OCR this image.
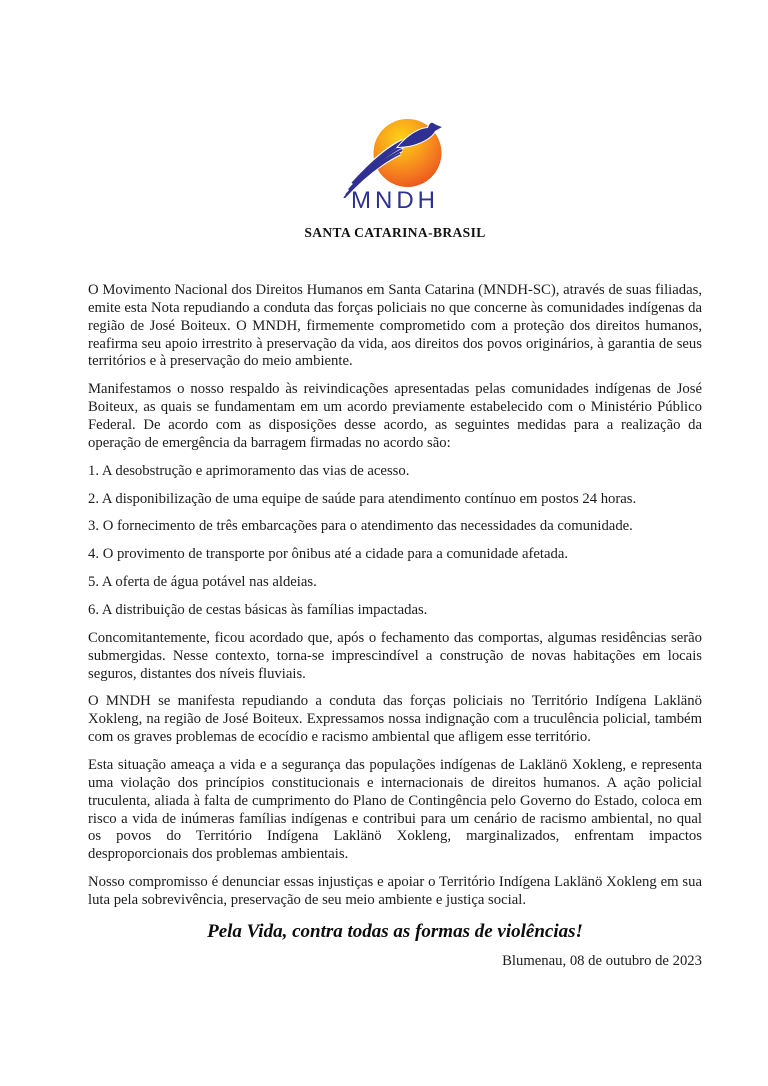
MNDH
SANTA CATARINA-BRASIL

O Movimento Nacional dos Direitos Humanos em Santa Catarina (MNDH-SC), através de suas filiadas, emite esta Nota repudiando a conduta das forças policiais no que concerne às comunidades indígenas da região de José Boiteux. O MNDH, firmemente comprometido com a proteção dos direitos humanos, reafirma seu apoio irrestrito à preservação da vida, aos direitos dos povos originários, à garantia de seus territórios e à preservação do meio ambiente.

Manifestamos o nosso respaldo às reivindicações apresentadas pelas comunidades indígenas de José Boiteux, as quais se fundamentam em um acordo previamente estabelecido com o Ministério Público Federal. De acordo com as disposições desse acordo, as seguintes medidas para a realização da operação de emergência da barragem firmadas no acordo são:

1. A desobstrução e aprimoramento das vias de acesso.

2. A disponibilização de uma equipe de saúde para atendimento contínuo em postos 24 horas.

3. O fornecimento de três embarcações para o atendimento das necessidades da comunidade.

4. O provimento de transporte por ônibus até a cidade para a comunidade afetada.

5. A oferta de água potável nas aldeias.

6. A distribuição de cestas básicas às famílias impactadas.

Concomitantemente, ficou acordado que, após o fechamento das comportas, algumas residências serão submergidas. Nesse contexto, torna-se imprescindível a construção de novas habitações em locais seguros, distantes dos níveis fluviais.

O MNDH se manifesta repudiando a conduta das forças policiais no Território Indígena Laklänö Xokleng, na região de José Boiteux. Expressamos nossa indignação com a truculência policial, também com os graves problemas de ecocídio e racismo ambiental que afligem esse território.

Esta situação ameaça a vida e a segurança das populações indígenas de Laklänö Xokleng, e representa uma violação dos princípios constitucionais e internacionais de direitos humanos. A ação policial truculenta, aliada à falta de cumprimento do Plano de Contingência pelo Governo do Estado, coloca em risco a vida de inúmeras famílias indígenas e contribui para um cenário de racismo ambiental, no qual os povos do Território Indígena Laklänö Xokleng, marginalizados, enfrentam impactos desproporcionais dos problemas ambientais.

Nosso compromisso é denunciar essas injustiças e apoiar o Território Indígena Laklänö Xokleng em sua luta pela sobrevivência, preservação de seu meio ambiente e justiça social.

Pela Vida, contra todas as formas de violências!

Blumenau, 08 de outubro de 2023
